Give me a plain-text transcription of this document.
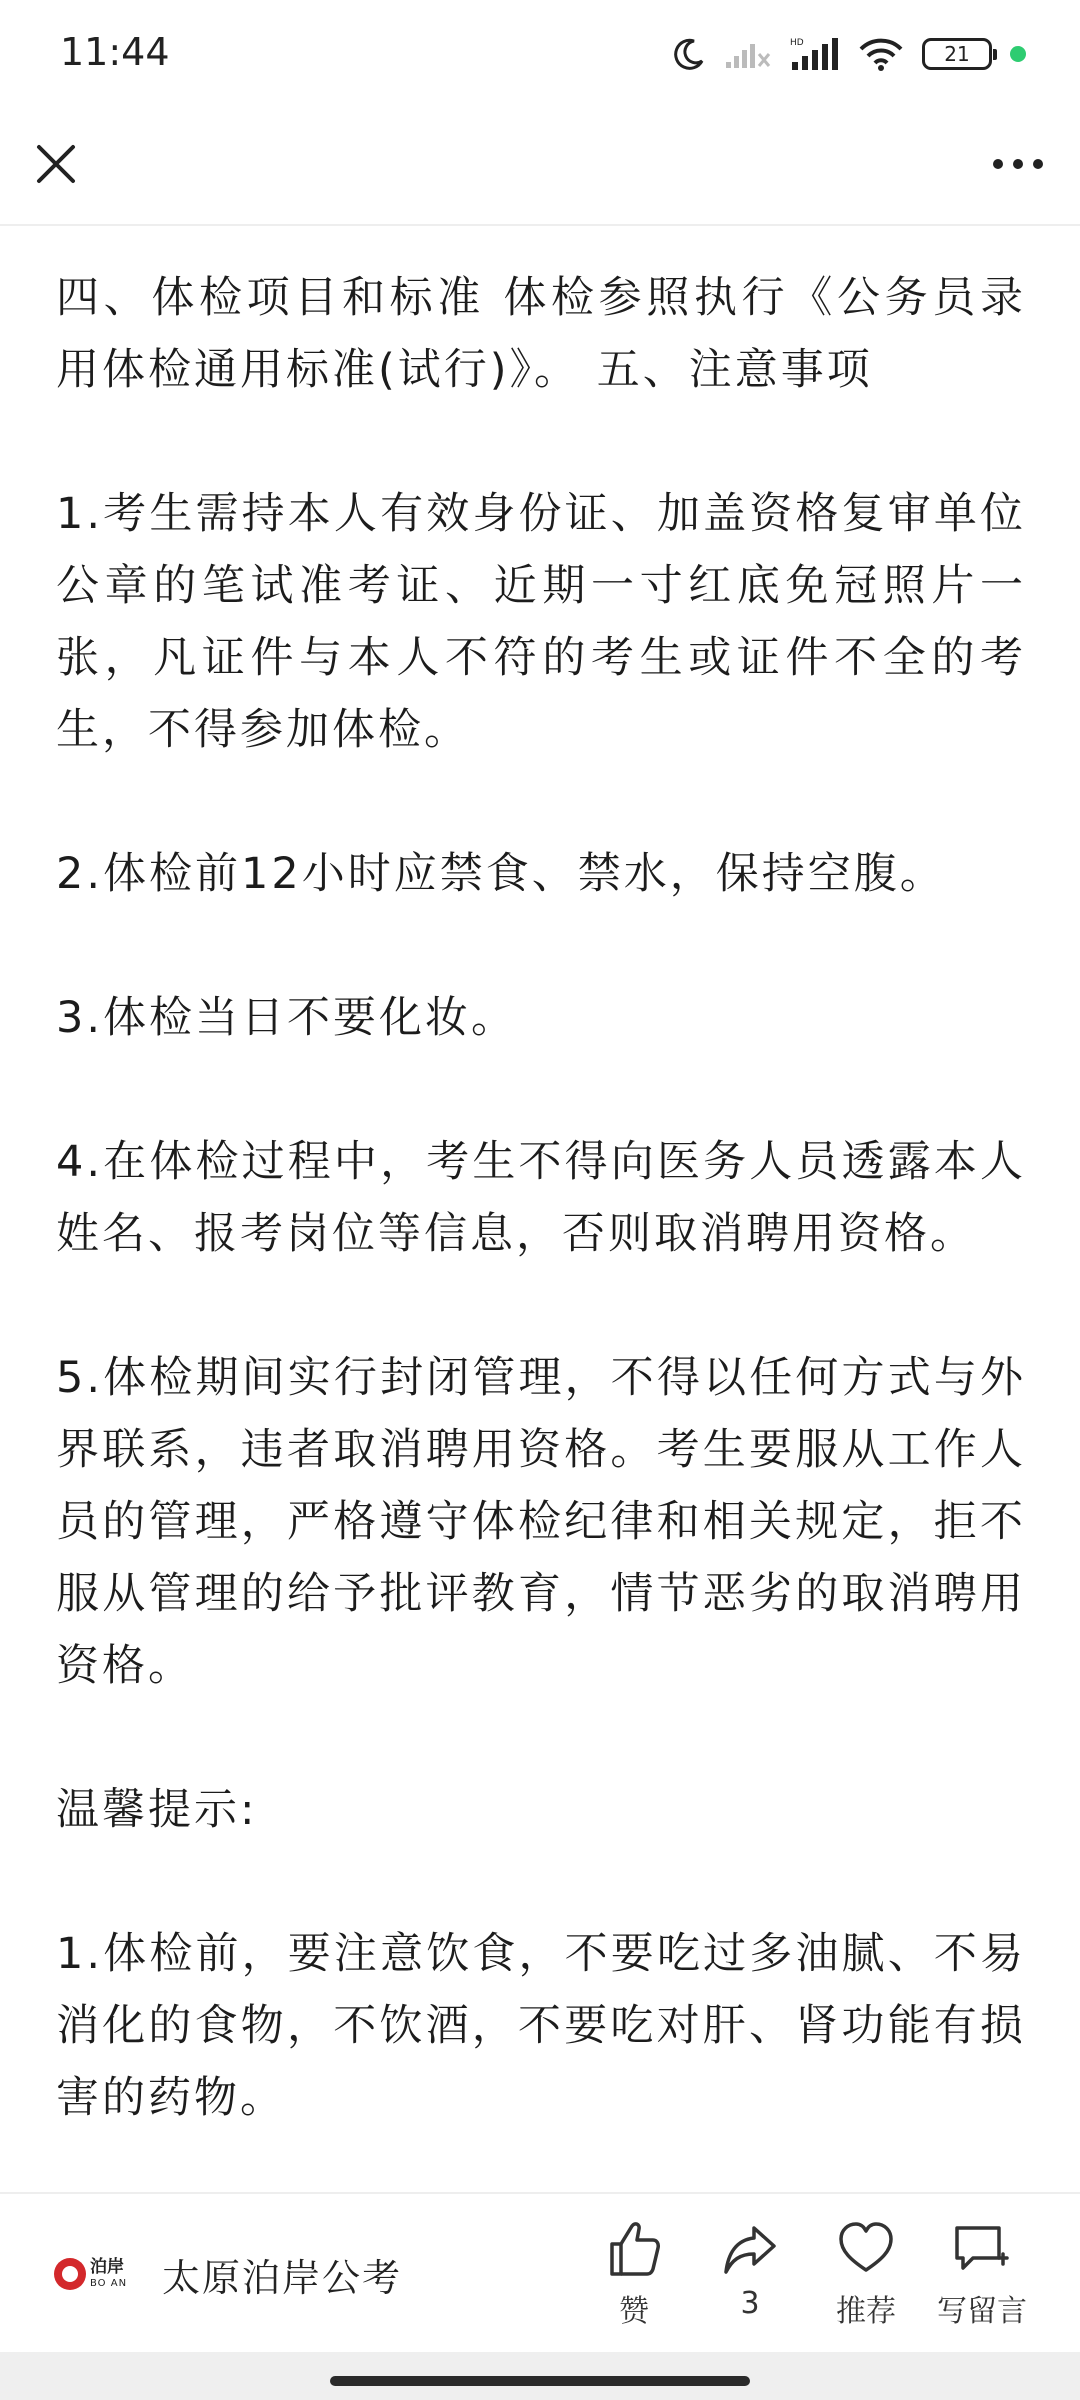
11:44	HD	21

四、体检项目和标准 体检参照执行《公务员录用体检通用标准(试行)》。 五、注意事项

1.考生需持本人有效身份证、加盖资格复审单位公章的笔试准考证、近期一寸红底免冠照片一张，凡证件与本人不符的考生或证件不全的考生，不得参加体检。

2.体检前12小时应禁食、禁水，保持空腹。

3.体检当日不要化妆。

4.在体检过程中，考生不得向医务人员透露本人姓名、报考岗位等信息，否则取消聘用资格。

5.体检期间实行封闭管理，不得以任何方式与外界联系，违者取消聘用资格。考生要服从工作人员的管理，严格遵守体检纪律和相关规定，拒不服从管理的给予批评教育，情节恶劣的取消聘用资格。

温馨提示:

1.体检前，要注意饮食，不要吃过多油腻、不易消化的食物，不饮酒，不要吃对肝、肾功能有损害的药物。

泊岸
BO AN 太原泊岸公考
赞	3	推荐 写留言
